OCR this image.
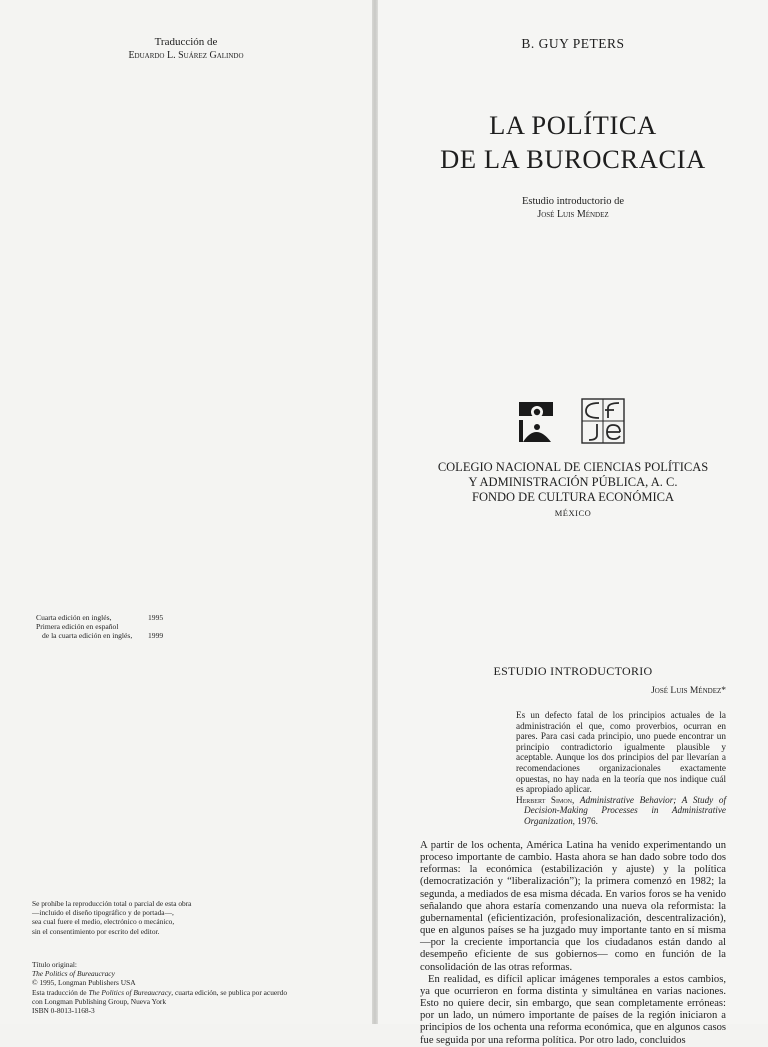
Traducción de
Eduardo L. Suárez Galindo
Cuarta edición en inglés,
Primera edición en español
de la cuarta edición en inglés,
1995

1999
Se prohíbe la reproducción total o parcial de esta obra
—incluido el diseño tipográfico y de portada—,
sea cual fuere el medio, electrónico o mecánico,
sin el consentimiento por escrito del editor.
Título original:
The Politics of Bureaucracy
© 1995, Longman Publishers USA
Esta traducción de The Politics of Bureaucracy, cuarta edición, se publica por acuerdo
con Longman Publishing Group, Nueva York
ISBN 0-8013-1168-3
B. GUY PETERS
LA POLÍTICA
DE LA BUROCRACIA
Estudio introductorio de
José Luis Méndez
COLEGIO NACIONAL DE CIENCIAS POLÍTICAS
Y ADMINISTRACIÓN PÚBLICA, A. C.
FONDO DE CULTURA ECONÓMICA
MÉXICO
ESTUDIO INTRODUCTORIO
José Luis Méndez*
Es un defecto fatal de los principios actuales de la administración el que, como proverbios, ocurran en pares. Para casi cada principio, uno puede encontrar un principio contradictorio igualmente plausible y aceptable. Aunque los dos principios del par llevarían a recomendaciones organizacionales exactamente opuestas, no hay nada en la teoría que nos indique cuál es apropiado aplicar.
Herbert Simon, Administrative Behavior; A Study of Decision-Making Processes in Administrative Organization, 1976.

A partir de los ochenta, América Latina ha venido experimentando un proceso importante de cambio. Hasta ahora se han dado sobre todo dos reformas: la económica (estabilización y ajuste) y la política (democratización y “liberalización”); la primera comenzó en 1982; la segunda, a mediados de esa misma década. En varios foros se ha venido señalando que ahora estaría comenzando una nueva ola reformista: la gubernamental (eficientización, profesionalización, descentralización), que en algunos países se ha juzgado muy importante tanto en sí misma —por la creciente importancia que los ciudadanos están dando al desempeño eficiente de sus gobiernos— como en función de la consolidación de las otras reformas.

En realidad, es difícil aplicar imágenes temporales a estos cambios, ya que ocurrieron en forma distinta y simultánea en varias naciones. Esto no quiere decir, sin embargo, que sean completamente erróneas: por un lado, un número importante de países de la región iniciaron a principios de los ochenta una reforma económica, que en algunos casos fue seguida por una reforma política. Por otro lado, concluidos
